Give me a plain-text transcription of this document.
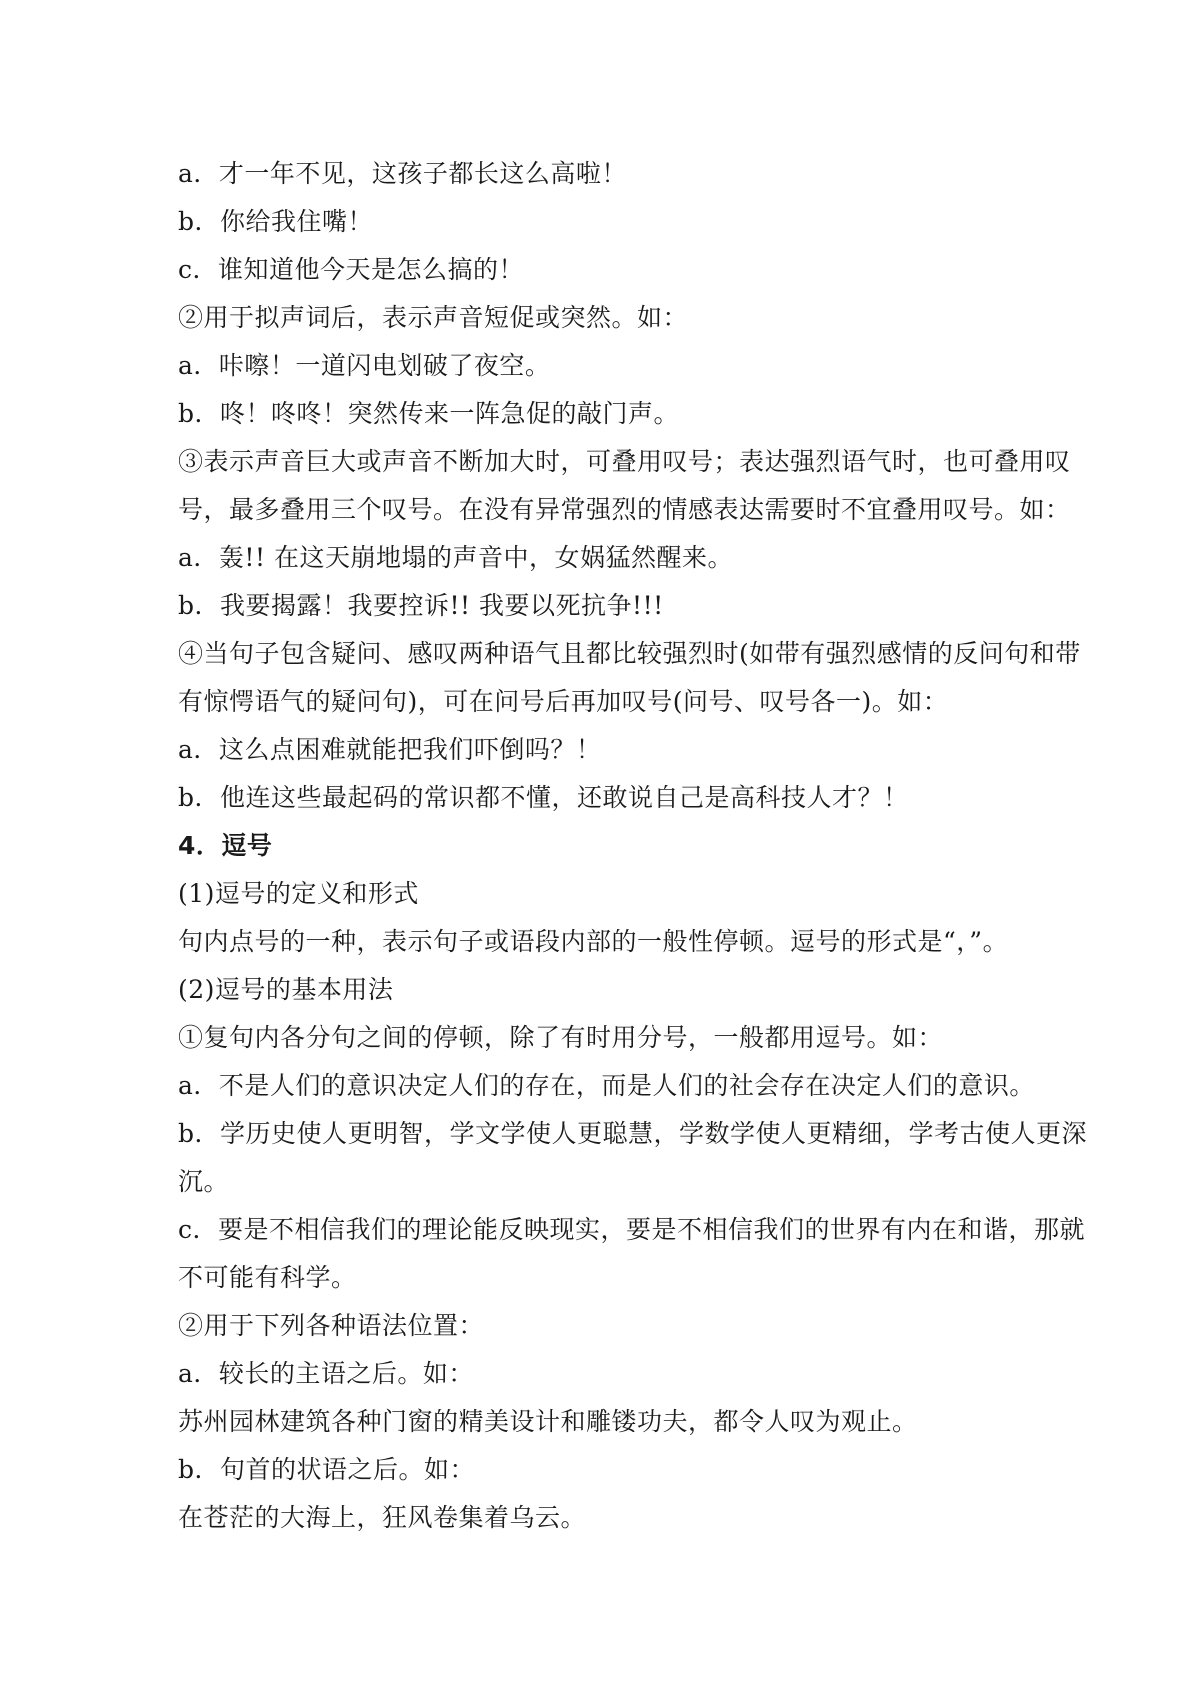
a．才一年不见，这孩子都长这么高啦！
b．你给我住嘴！
c．谁知道他今天是怎么搞的！
②用于拟声词后，表示声音短促或突然。如：
a．咔嚓！一道闪电划破了夜空。
b．咚！咚咚！突然传来一阵急促的敲门声。
③表示声音巨大或声音不断加大时，可叠用叹号；表达强烈语气时，也可叠用叹
号，最多叠用三个叹号。在没有异常强烈的情感表达需要时不宜叠用叹号。如：
a．轰!! 在这天崩地塌的声音中，女娲猛然醒来。
b．我要揭露！我要控诉!! 我要以死抗争!!!
④当句子包含疑问、感叹两种语气且都比较强烈时(如带有强烈感情的反问句和带
有惊愕语气的疑问句)，可在问号后再加叹号(问号、叹号各一)。如：
a．这么点困难就能把我们吓倒吗？！
b．他连这些最起码的常识都不懂，还敢说自己是高科技人才？！
4．逗号
(1)逗号的定义和形式
句内点号的一种，表示句子或语段内部的一般性停顿。逗号的形式是“，”。
(2)逗号的基本用法
①复句内各分句之间的停顿，除了有时用分号，一般都用逗号。如：
a．不是人们的意识决定人们的存在，而是人们的社会存在决定人们的意识。
b．学历史使人更明智，学文学使人更聪慧，学数学使人更精细，学考古使人更深
沉。
c．要是不相信我们的理论能反映现实，要是不相信我们的世界有内在和谐，那就
不可能有科学。
②用于下列各种语法位置：
a．较长的主语之后。如：
苏州园林建筑各种门窗的精美设计和雕镂功夫，都令人叹为观止。
b．句首的状语之后。如：
在苍茫的大海上，狂风卷集着乌云。
